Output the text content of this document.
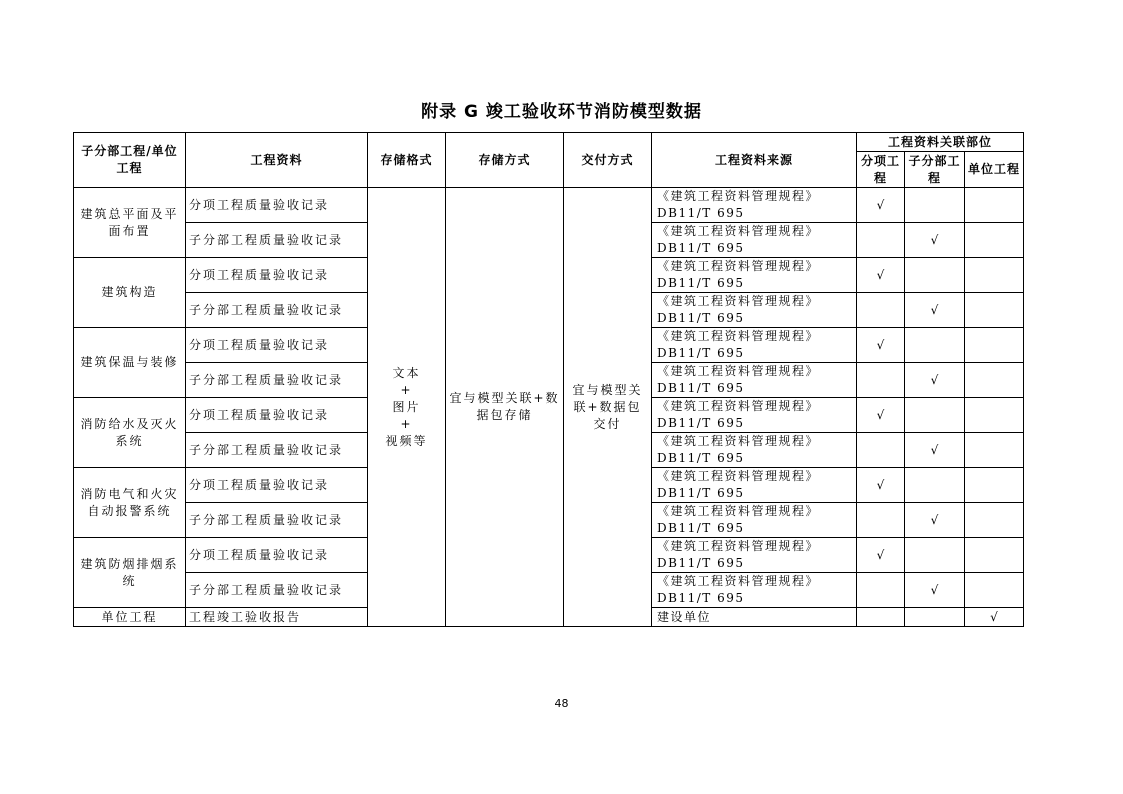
附录 G 竣工验收环节消防模型数据
子分部工程/单位工程	工程资料	存储格式	存储方式	交付方式	工程资料来源	工程资料关联部位		
						分项工程	子分部工程	单位工程
建筑总平面及平面布置	分项工程质量验收记录	文本
+
图片
+
视频等	宜与模型关联+数据包存储	宜与模型关联+数据包交付	《建筑工程资料管理规程》DB11/T 695	√		
	子分部工程质量验收记录				《建筑工程资料管理规程》DB11/T 695		√	
建筑构造	分项工程质量验收记录				《建筑工程资料管理规程》DB11/T 695	√		
	子分部工程质量验收记录				《建筑工程资料管理规程》DB11/T 695		√	
建筑保温与装修	分项工程质量验收记录				《建筑工程资料管理规程》DB11/T 695	√		
	子分部工程质量验收记录				《建筑工程资料管理规程》DB11/T 695		√	
消防给水及灭火系统	分项工程质量验收记录				《建筑工程资料管理规程》DB11/T 695	√		
	子分部工程质量验收记录				《建筑工程资料管理规程》DB11/T 695		√	
消防电气和火灾自动报警系统	分项工程质量验收记录				《建筑工程资料管理规程》DB11/T 695	√		
	子分部工程质量验收记录				《建筑工程资料管理规程》DB11/T 695		√	
建筑防烟排烟系统	分项工程质量验收记录				《建筑工程资料管理规程》DB11/T 695	√		
	子分部工程质量验收记录				《建筑工程资料管理规程》DB11/T 695		√	
单位工程	工程竣工验收报告				建设单位			√
48
